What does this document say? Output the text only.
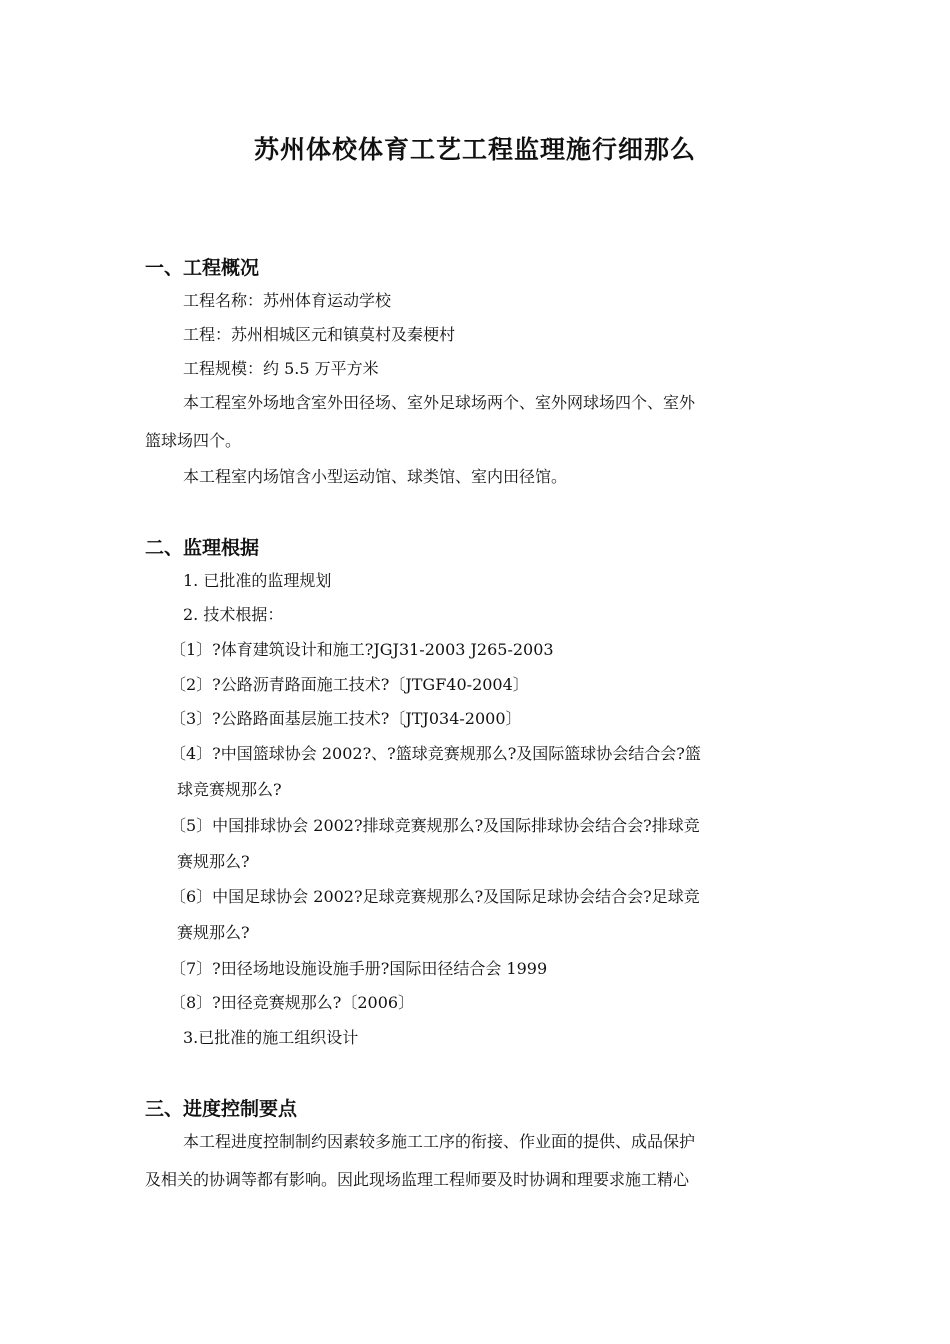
苏州体校体育工艺工程监理施行细那么
一、工程概况
工程名称：苏州体育运动学校
工程：苏州相城区元和镇莫村及秦梗村
工程规模：约 5.5 万平方米
本工程室外场地含室外田径场、室外足球场两个、室外网球场四个、室外
篮球场四个。
本工程室内场馆含小型运动馆、球类馆、室内田径馆。
二、监理根据
1. 已批准的监理规划
2. 技术根据：
〔1〕?体育建筑设计和施工?JGJ31-2003 J265-2003
〔2〕?公路沥青路面施工技术?〔JTGF40-2004〕
〔3〕?公路路面基层施工技术?〔JTJ034-2000〕
〔4〕?中国篮球协会 2002?、?篮球竞赛规那么?及国际篮球协会结合会?篮
球竞赛规那么?
〔5〕中国排球协会 2002?排球竞赛规那么?及国际排球协会结合会?排球竞
赛规那么?
〔6〕中国足球协会 2002?足球竞赛规那么?及国际足球协会结合会?足球竞
赛规那么?
〔7〕?田径场地设施设施手册?国际田径结合会 1999
〔8〕?田径竞赛规那么?〔2006〕
3.已批准的施工组织设计
三、进度控制要点
本工程进度控制制约因素较多施工工序的衔接、作业面的提供、成品保护
及相关的协调等都有影响。因此现场监理工程师要及时协调和理要求施工精心
